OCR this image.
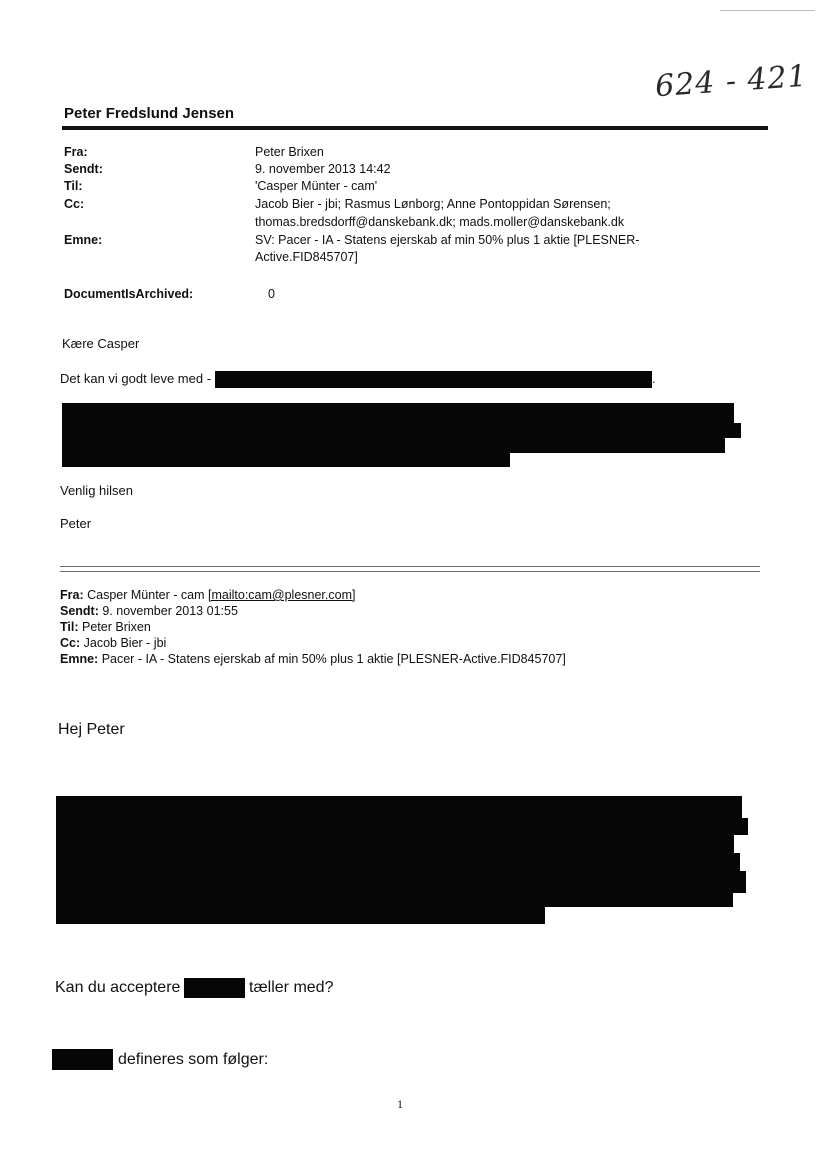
624 - 421
Peter Fredslund Jensen
Fra:	Peter Brixen
Sendt:	9. november 2013 14:42
Til:	'Casper Münter - cam'
Cc:	Jacob Bier - jbi; Rasmus Lønborg; Anne Pontoppidan Sørensen;
thomas.bredsdorff@danskebank.dk; mads.moller@danskebank.dk
Emne:	SV: Pacer - IA - Statens ejerskab af min 50% plus 1 aktie [PLESNER-
Active.FID845707]
DocumentIsArchived:	0
Kære Casper
Det kan vi godt leve med -	.
Venlig hilsen
Peter
Fra: Casper Münter - cam [mailto:cam@plesner.com]
Sendt: 9. november 2013 01:55
Til: Peter Brixen
Cc: Jacob Bier - jbi
Emne: Pacer - IA - Statens ejerskab af min 50% plus 1 aktie [PLESNER-Active.FID845707]
Hej Peter
Kan du acceptere	tæller med?
defineres som følger:
1
